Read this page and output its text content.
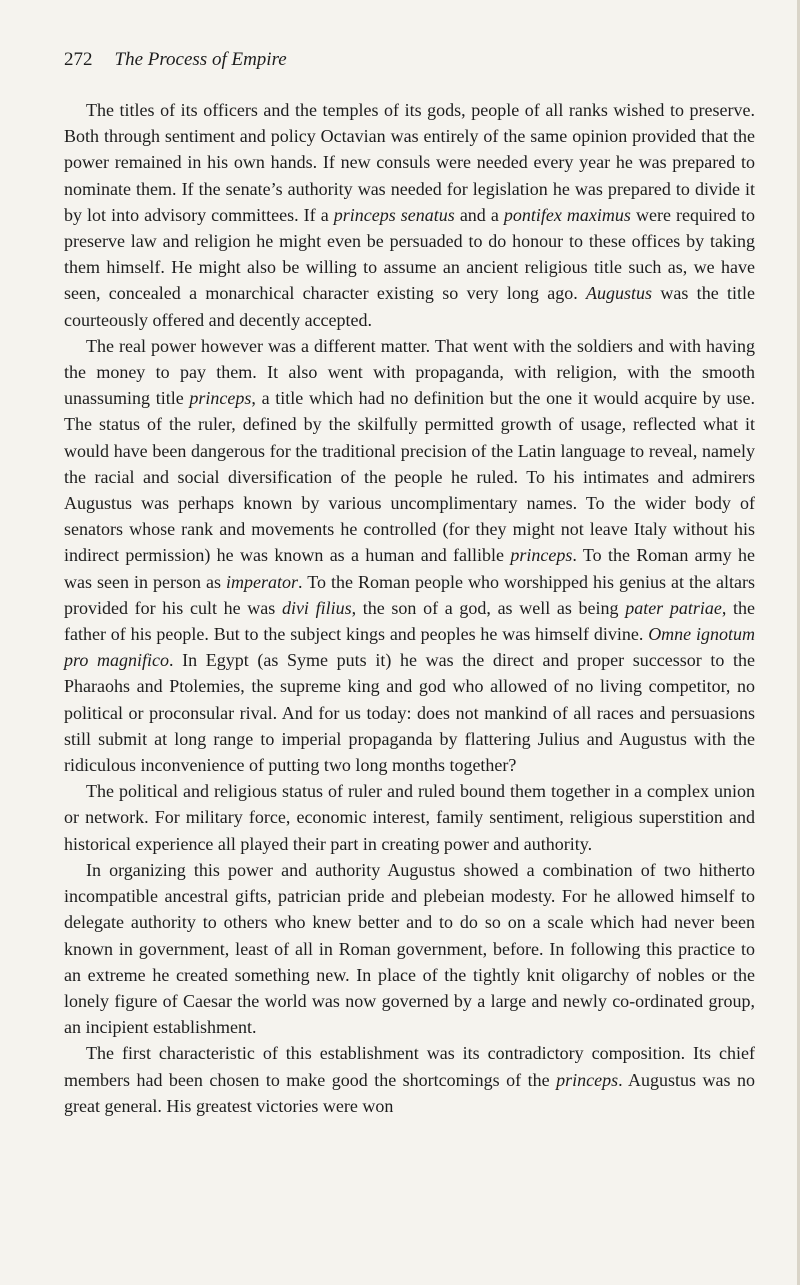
272 The Process of Empire

The titles of its officers and the temples of its gods, people of all ranks wished to preserve. Both through sentiment and policy Octavian was entirely of the same opinion provided that the power remained in his own hands. If new consuls were needed every year he was prepared to nominate them. If the senate’s authority was needed for legislation he was prepared to divide it by lot into advisory committees. If a princeps senatus and a pontifex maximus were required to preserve law and religion he might even be persuaded to do honour to these offices by taking them himself. He might also be willing to assume an ancient religious title such as, we have seen, concealed a monarchical character existing so very long ago. Augustus was the title courteously offered and decently accepted.

The real power however was a different matter. That went with the soldiers and with having the money to pay them. It also went with propaganda, with religion, with the smooth unassuming title princeps, a title which had no definition but the one it would acquire by use. The status of the ruler, defined by the skilfully permitted growth of usage, reflected what it would have been dangerous for the traditional precision of the Latin language to reveal, namely the racial and social diversification of the people he ruled. To his intimates and admirers Augustus was perhaps known by various uncomplimentary names. To the wider body of senators whose rank and movements he controlled (for they might not leave Italy without his indirect permission) he was known as a human and fallible princeps. To the Roman army he was seen in person as imperator. To the Roman people who worshipped his genius at the altars provided for his cult he was divi filius, the son of a god, as well as being pater patriae, the father of his people. But to the subject kings and peoples he was himself divine. Omne ignotum pro magnifico. In Egypt (as Syme puts it) he was the direct and proper successor to the Pharaohs and Ptolemies, the supreme king and god who allowed of no living competitor, no political or proconsular rival. And for us today: does not mankind of all races and persuasions still submit at long range to imperial propaganda by flattering Julius and Augustus with the ridiculous inconvenience of putting two long months together?

The political and religious status of ruler and ruled bound them together in a complex union or network. For military force, economic interest, family sentiment, religious superstition and historical experience all played their part in creating power and authority.

In organizing this power and authority Augustus showed a combination of two hitherto incompatible ancestral gifts, patrician pride and plebeian modesty. For he allowed himself to delegate authority to others who knew better and to do so on a scale which had never been known in government, least of all in Roman government, before. In following this practice to an extreme he created something new. In place of the tightly knit oligarchy of nobles or the lonely figure of Caesar the world was now governed by a large and newly co-ordinated group, an incipient establishment.

The first characteristic of this establishment was its contradictory composition. Its chief members had been chosen to make good the shortcomings of the princeps. Augustus was no great general. His greatest victories were won
